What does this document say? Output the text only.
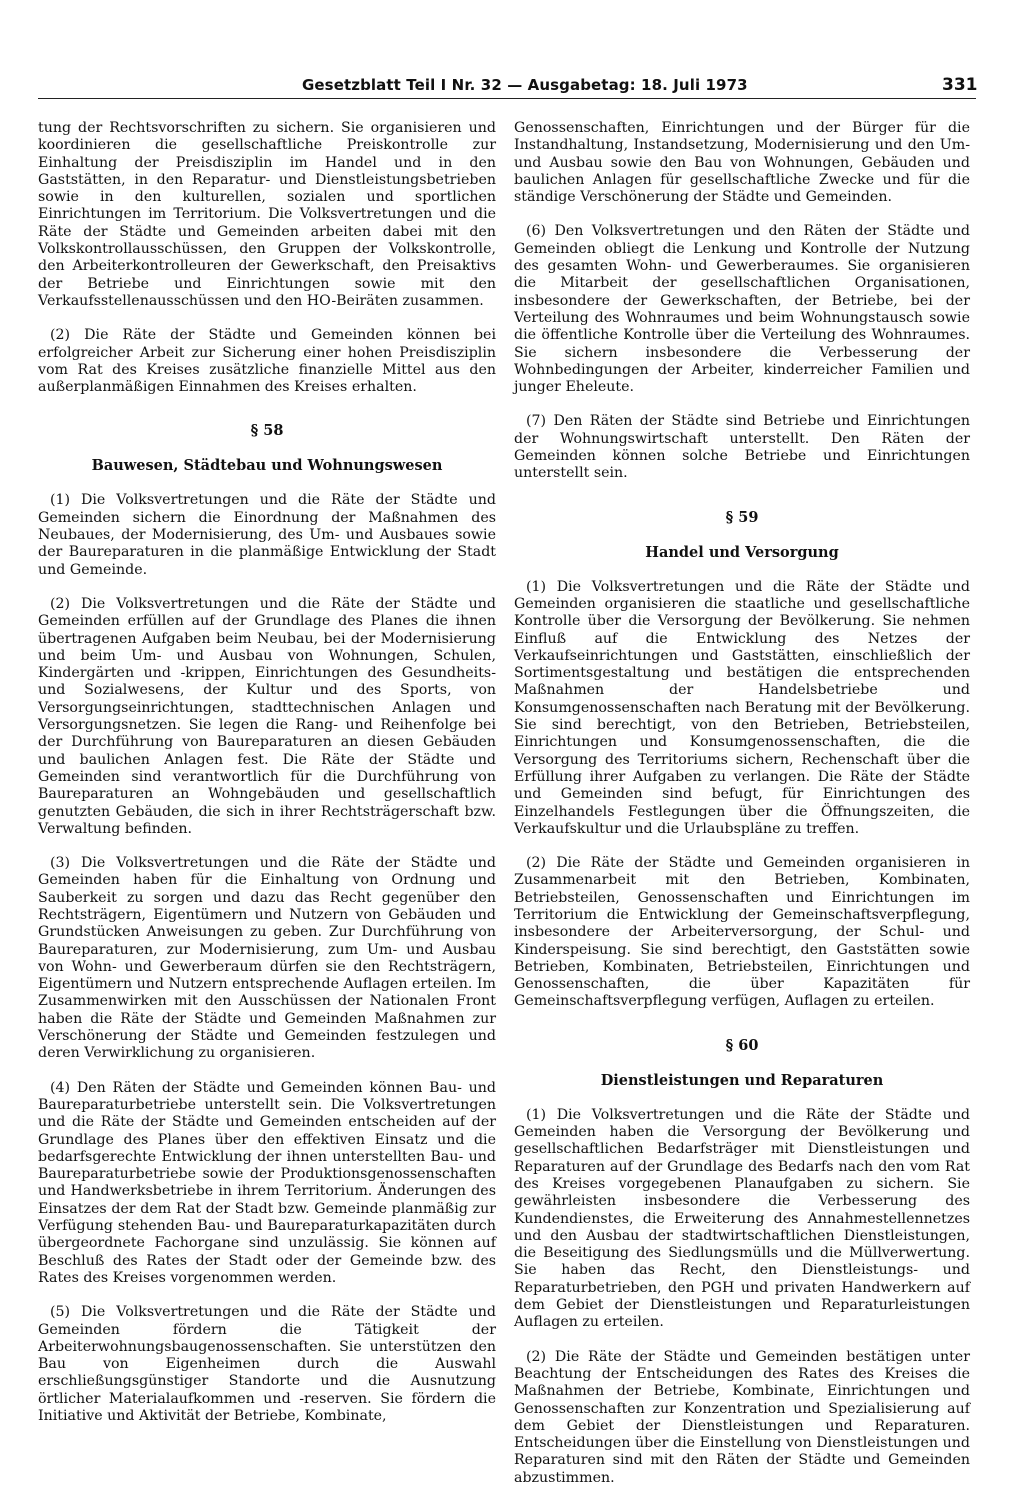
Gesetzblatt Teil I Nr. 32 — Ausgabetag: 18. Juli 1973	331

tung der Rechtsvorschriften zu sichern. Sie organisieren und koordinieren die gesellschaftliche Preiskontrolle zur Einhaltung der Preisdisziplin im Handel und in den Gaststätten, in den Reparatur- und Dienstleistungsbetrieben sowie in den kulturellen, sozialen und sportlichen Einrichtungen im Territorium. Die Volksvertretungen und die Räte der Städte und Gemeinden arbeiten dabei mit den Volkskontrollausschüssen, den Gruppen der Volkskontrolle, den Arbeiterkontrolleuren der Gewerkschaft, den Preisaktivs der Betriebe und Einrichtungen sowie mit den Verkaufsstellenausschüssen und den HO-Beiräten zusammen.

(2) Die Räte der Städte und Gemeinden können bei erfolgreicher Arbeit zur Sicherung einer hohen Preisdisziplin vom Rat des Kreises zusätzliche finanzielle Mittel aus den außerplanmäßigen Einnahmen des Kreises erhalten.

§ 58
Bauwesen, Städtebau und Wohnungswesen

(1) Die Volksvertretungen und die Räte der Städte und Gemeinden sichern die Einordnung der Maßnahmen des Neubaues, der Modernisierung, des Um- und Ausbaues sowie der Baureparaturen in die planmäßige Entwicklung der Stadt und Gemeinde.

(2) Die Volksvertretungen und die Räte der Städte und Gemeinden erfüllen auf der Grundlage des Planes die ihnen übertragenen Aufgaben beim Neubau, bei der Modernisierung und beim Um- und Ausbau von Wohnungen, Schulen, Kindergärten und -krippen, Einrichtungen des Gesundheits- und Sozialwesens, der Kultur und des Sports, von Versorgungseinrichtungen, stadttechnischen Anlagen und Versorgungsnetzen. Sie legen die Rang- und Reihenfolge bei der Durchführung von Baureparaturen an diesen Gebäuden und baulichen Anlagen fest. Die Räte der Städte und Gemeinden sind verantwortlich für die Durchführung von Baureparaturen an Wohngebäuden und gesellschaftlich genutzten Gebäuden, die sich in ihrer Rechtsträgerschaft bzw. Verwaltung befinden.

(3) Die Volksvertretungen und die Räte der Städte und Gemeinden haben für die Einhaltung von Ordnung und Sauberkeit zu sorgen und dazu das Recht gegenüber den Rechtsträgern, Eigentümern und Nutzern von Gebäuden und Grundstücken Anweisungen zu geben. Zur Durchführung von Baureparaturen, zur Modernisierung, zum Um- und Ausbau von Wohn- und Gewerberaum dürfen sie den Rechtsträgern, Eigentümern und Nutzern entsprechende Auflagen erteilen. Im Zusammenwirken mit den Ausschüssen der Nationalen Front haben die Räte der Städte und Gemeinden Maßnahmen zur Verschönerung der Städte und Gemeinden festzulegen und deren Verwirklichung zu organisieren.

(4) Den Räten der Städte und Gemeinden können Bau- und Baureparaturbetriebe unterstellt sein. Die Volksvertretungen und die Räte der Städte und Gemeinden entscheiden auf der Grundlage des Planes über den effektiven Einsatz und die bedarfsgerechte Entwicklung der ihnen unterstellten Bau- und Baureparaturbetriebe sowie der Produktionsgenossenschaften und Handwerksbetriebe in ihrem Territorium. Änderungen des Einsatzes der dem Rat der Stadt bzw. Gemeinde planmäßig zur Verfügung stehenden Bau- und Baureparaturkapazitäten durch übergeordnete Fachorgane sind unzulässig. Sie können auf Beschluß des Rates der Stadt oder der Gemeinde bzw. des Rates des Kreises vorgenommen werden.

(5) Die Volksvertretungen und die Räte der Städte und Gemeinden fördern die Tätigkeit der Arbeiterwohnungsbaugenossenschaften. Sie unterstützen den Bau von Eigenheimen durch die Auswahl erschließungsgünstiger Standorte und die Ausnutzung örtlicher Materialaufkommen und -reserven. Sie fördern die Initiative und Aktivität der Betriebe, Kombinate,

Genossenschaften, Einrichtungen und der Bürger für die Instandhaltung, Instandsetzung, Modernisierung und den Um- und Ausbau sowie den Bau von Wohnungen, Gebäuden und baulichen Anlagen für gesellschaftliche Zwecke und für die ständige Verschönerung der Städte und Gemeinden.

(6) Den Volksvertretungen und den Räten der Städte und Gemeinden obliegt die Lenkung und Kontrolle der Nutzung des gesamten Wohn- und Gewerberaumes. Sie organisieren die Mitarbeit der gesellschaftlichen Organisationen, insbesondere der Gewerkschaften, der Betriebe, bei der Verteilung des Wohnraumes und beim Wohnungstausch sowie die öffentliche Kontrolle über die Verteilung des Wohnraumes. Sie sichern insbesondere die Verbesserung der Wohnbedingungen der Arbeiter, kinderreicher Familien und junger Eheleute.

(7) Den Räten der Städte sind Betriebe und Einrichtungen der Wohnungswirtschaft unterstellt. Den Räten der Gemeinden können solche Betriebe und Einrichtungen unterstellt sein.

§ 59
Handel und Versorgung

(1) Die Volksvertretungen und die Räte der Städte und Gemeinden organisieren die staatliche und gesellschaftliche Kontrolle über die Versorgung der Bevölkerung. Sie nehmen Einfluß auf die Entwicklung des Netzes der Verkaufseinrichtungen und Gaststätten, einschließlich der Sortimentsgestaltung und bestätigen die entsprechenden Maßnahmen der Handelsbetriebe und Konsumgenossenschaften nach Beratung mit der Bevölkerung. Sie sind berechtigt, von den Betrieben, Betriebsteilen, Einrichtungen und Konsumgenossenschaften, die die Versorgung des Territoriums sichern, Rechenschaft über die Erfüllung ihrer Aufgaben zu verlangen. Die Räte der Städte und Gemeinden sind befugt, für Einrichtungen des Einzelhandels Festlegungen über die Öffnungszeiten, die Verkaufskultur und die Urlaubspläne zu treffen.

(2) Die Räte der Städte und Gemeinden organisieren in Zusammenarbeit mit den Betrieben, Kombinaten, Betriebsteilen, Genossenschaften und Einrichtungen im Territorium die Entwicklung der Gemeinschaftsverpflegung, insbesondere der Arbeiterversorgung, der Schul- und Kinderspeisung. Sie sind berechtigt, den Gaststätten sowie Betrieben, Kombinaten, Betriebsteilen, Einrichtungen und Genossenschaften, die über Kapazitäten für Gemeinschaftsverpflegung verfügen, Auflagen zu erteilen.

§ 60
Dienstleistungen und Reparaturen

(1) Die Volksvertretungen und die Räte der Städte und Gemeinden haben die Versorgung der Bevölkerung und gesellschaftlichen Bedarfsträger mit Dienstleistungen und Reparaturen auf der Grundlage des Bedarfs nach den vom Rat des Kreises vorgegebenen Planaufgaben zu sichern. Sie gewährleisten insbesondere die Verbesserung des Kundendienstes, die Erweiterung des Annahmestellennetzes und den Ausbau der stadtwirtschaftlichen Dienstleistungen, die Beseitigung des Siedlungsmülls und die Müllverwertung. Sie haben das Recht, den Dienstleistungs- und Reparaturbetrieben, den PGH und privaten Handwerkern auf dem Gebiet der Dienstleistungen und Reparaturleistungen Auflagen zu erteilen.

(2) Die Räte der Städte und Gemeinden bestätigen unter Beachtung der Entscheidungen des Rates des Kreises die Maßnahmen der Betriebe, Kombinate, Einrichtungen und Genossenschaften zur Konzentration und Spezialisierung auf dem Gebiet der Dienstleistungen und Reparaturen. Entscheidungen über die Einstellung von Dienstleistungen und Reparaturen sind mit den Räten der Städte und Gemeinden abzustimmen.
